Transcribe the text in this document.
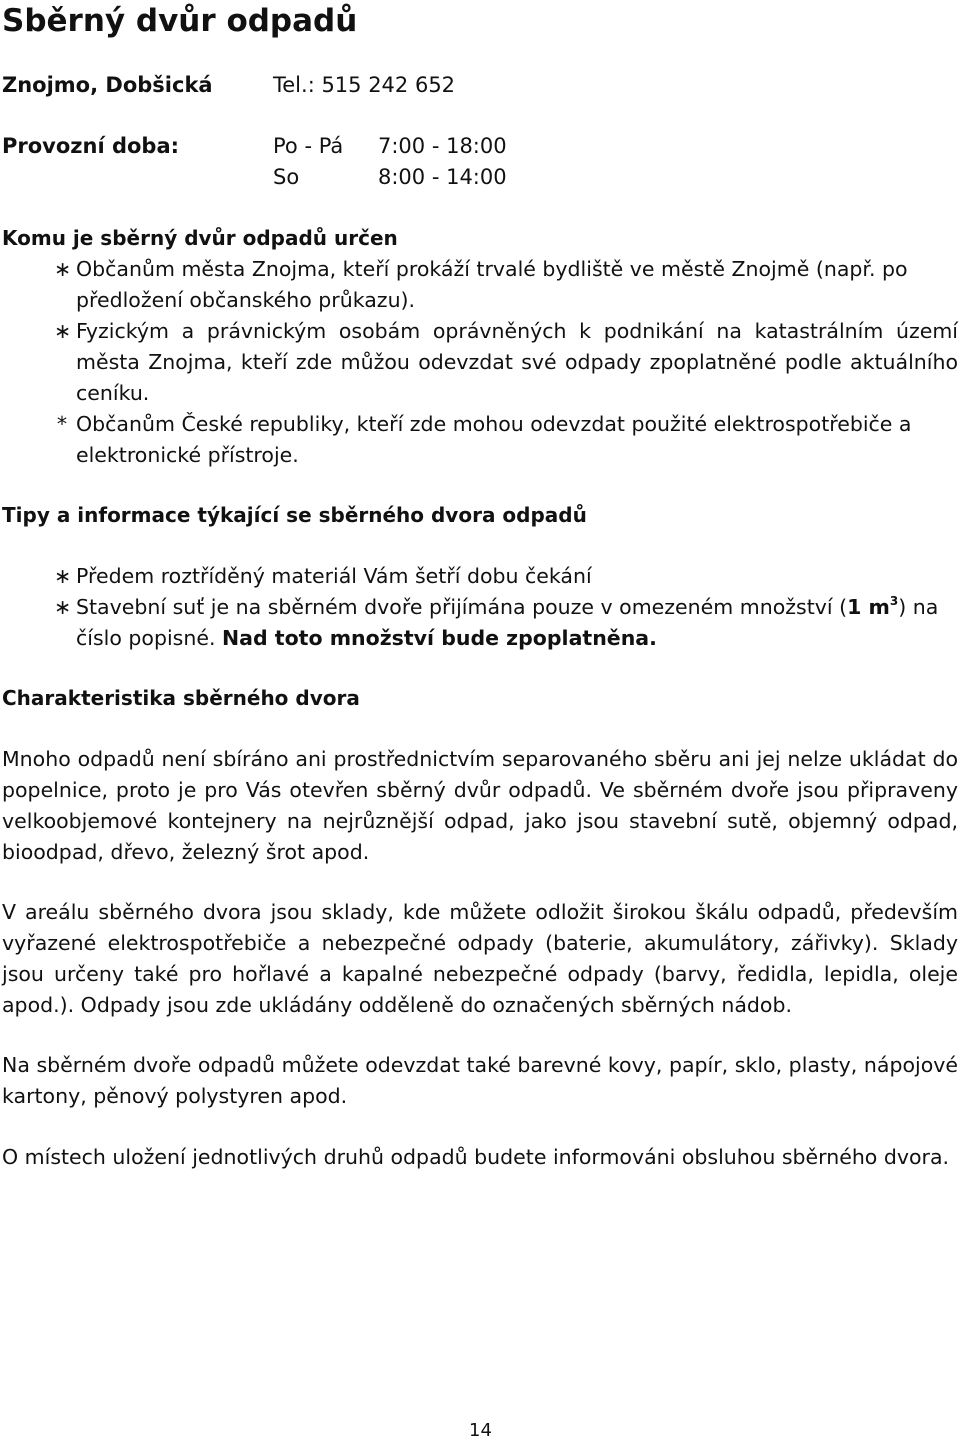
Sběrný dvůr odpadů
Znojmo, Dobšická	Tel.: 515 242 652
Provozní doba:	Po - Pá 7:00 - 18:00
So	8:00 - 14:00
Komu je sběrný dvůr odpadů určen
∗ Občanům města Znojma, kteří prokáží trvalé bydliště ve městě Znojmě (např. po předložení občanského průkazu).
∗ Fyzickým a právnickým osobám oprávněných k podnikání na katastrálním území města Znojma, kteří zde můžou odevzdat své odpady zpoplatněné podle aktuálního ceníku.
* Občanům České republiky, kteří zde mohou odevzdat použité elektrospotřebiče a elektronické přístroje.
Tipy a informace týkající se sběrného dvora odpadů
∗ Předem roztříděný materiál Vám šetří dobu čekání
∗ Stavební suť je na sběrném dvoře přijímána pouze v omezeném množství (1 $m^3$) na číslo popisné. Nad toto množství bude zpoplatněna.
Charakteristika sběrného dvora

Mnoho odpadů není sbíráno ani prostřednictvím separovaného sběru ani jej nelze ukládat do popelnice, proto je pro Vás otevřen sběrný dvůr odpadů. Ve sběrném dvoře jsou připraveny velkoobjemové kontejnery na nejrůznější odpad, jako jsou stavební sutě, objemný odpad, bioodpad, dřevo, železný šrot apod.

V areálu sběrného dvora jsou sklady, kde můžete odložit širokou škálu odpadů, především vyřazené elektrospotřebiče a nebezpečné odpady (baterie, akumulátory, zářivky). Sklady jsou určeny také pro hořlavé a kapalné nebezpečné odpady (barvy, ředidla, lepidla, oleje apod.). Odpady jsou zde ukládány odděleně do označených sběrných nádob.

Na sběrném dvoře odpadů můžete odevzdat také barevné kovy, papír, sklo, plasty, nápojové kartony, pěnový polystyren apod.

O místech uložení jednotlivých druhů odpadů budete informováni obsluhou sběrného dvora.

14
